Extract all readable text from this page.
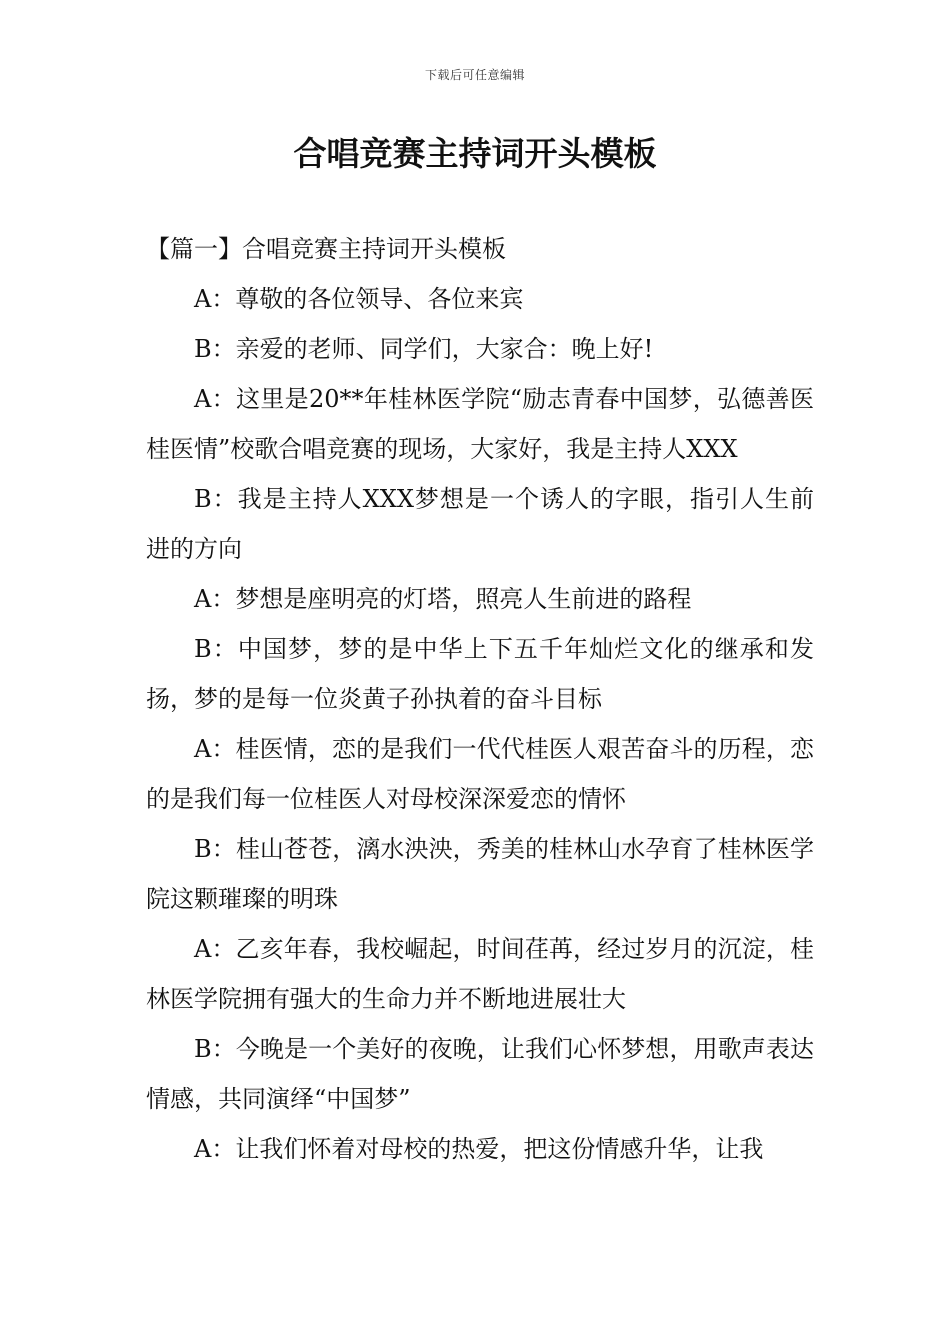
下载后可任意编辑
合唱竞赛主持词开头模板

【篇一】合唱竞赛主持词开头模板

A：尊敬的各位领导、各位来宾

B：亲爱的老师、同学们，大家合：晚上好!

A：这里是20**年桂林医学院“励志青春中国梦，弘德善医桂医情”校歌合唱竞赛的现场，大家好，我是主持人XXX

B：我是主持人XXX梦想是一个诱人的字眼，指引人生前进的方向

A：梦想是座明亮的灯塔，照亮人生前进的路程

B：中国梦，梦的是中华上下五千年灿烂文化的继承和发扬，梦的是每一位炎黄子孙执着的奋斗目标

A：桂医情，恋的是我们一代代桂医人艰苦奋斗的历程，恋的是我们每一位桂医人对母校深深爱恋的情怀

B：桂山苍苍，漓水泱泱，秀美的桂林山水孕育了桂林医学院这颗璀璨的明珠

A：乙亥年春，我校崛起，时间荏苒，经过岁月的沉淀，桂林医学院拥有强大的生命力并不断地进展壮大

B：今晚是一个美好的夜晚，让我们心怀梦想，用歌声表达情感，共同演绎“中国梦”

A：让我们怀着对母校的热爱，把这份情感升华，让我
